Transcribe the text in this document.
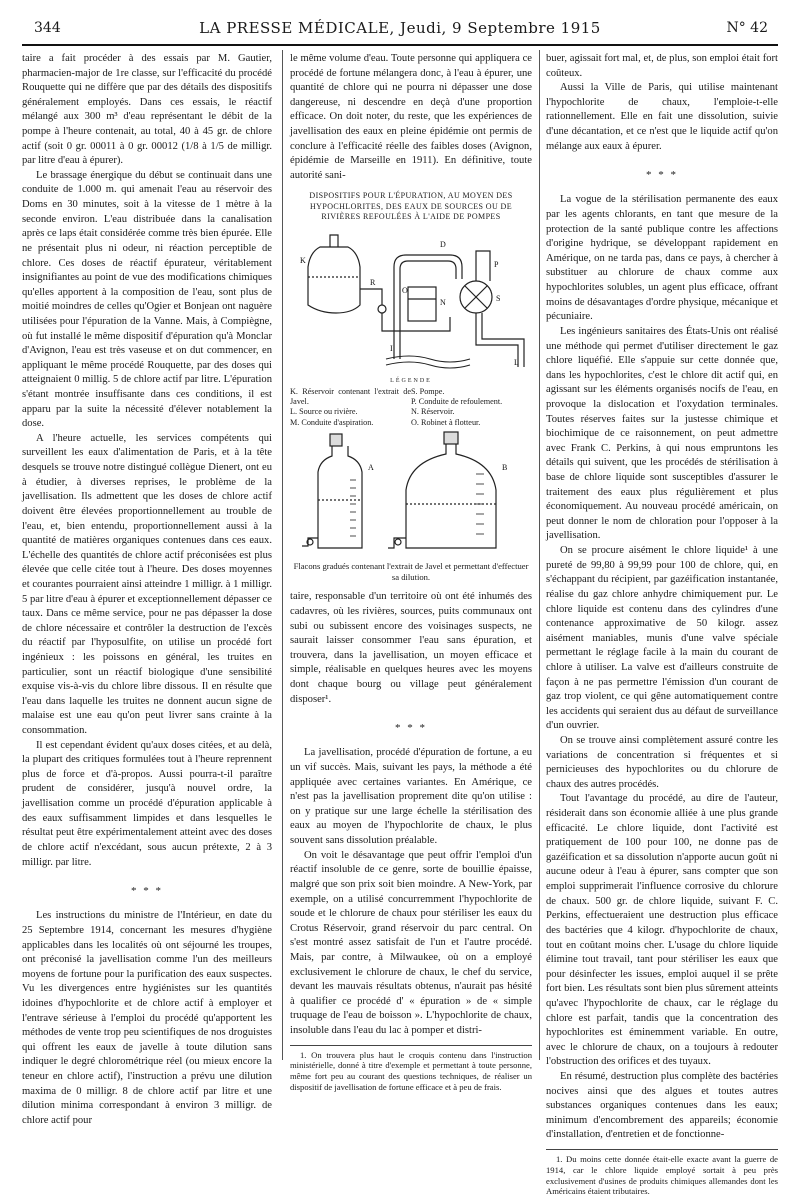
344	LA PRESSE MÉDICALE, Jeudi, 9 Septembre 1915	N° 42

taire a fait procéder à des essais par M. Gautier, pharmacien-major de 1re classe, sur l'efficacité du procédé Rouquette qui ne diffère que par des détails des dispositifs généralement employés. Dans ces essais, le réactif mélangé aux 300 m³ d'eau représentant le débit de la pompe à l'heure contenait, au total, 40 à 45 gr. de chlore actif (soit 0 gr. 00011 à 0 gr. 00012 (1/8 à 1/5 de milligr. par litre d'eau à épurer).

Le brassage énergique du début se continuait dans une conduite de 1.000 m. qui amenait l'eau au réservoir des Doms en 30 minutes, soit à la vitesse de 1 mètre à la seconde environ. L'eau distribuée dans la canalisation après ce laps était considérée comme très bien épurée. Elle ne présentait plus ni odeur, ni réaction perceptible de chlore. Ces doses de réactif épurateur, véritablement insignifiantes au point de vue des modifications chimiques qu'elles apportent à la composition de l'eau, sont plus de moitié moindres de celles qu'Ogier et Bonjean ont naguère utilisées pour l'épuration de la Vanne. Mais, à Compiègne, où fut installé le même dispositif d'épuration qu'à Monclar d'Avignon, l'eau est très vaseuse et on dut commencer, en appliquant le même procédé Rouquette, par des doses qui atteignaient 0 millig. 5 de chlore actif par litre. L'épuration s'étant montrée insuffisante dans ces conditions, il est apparu par la suite la nécessité d'élever notablement la dose.

A l'heure actuelle, les services compétents qui surveillent les eaux d'alimentation de Paris, et à la tête desquels se trouve notre distingué collègue Dienert, ont eu à étudier, à diverses reprises, le problème de la javellisation. Ils admettent que les doses de chlore actif doivent être élevées proportionnellement au trouble de l'eau, et, bien entendu, proportionnellement aussi à la quantité de matières organiques contenues dans ces eaux. L'échelle des quantités de chlore actif préconisées est plus élevée que celle citée tout à l'heure. Des doses moyennes et courantes pourraient ainsi atteindre 1 milligr. à 1 milligr. 5 par litre d'eau à épurer et exceptionnellement dépasser ce taux. Dans ce même service, pour ne pas dépasser la dose de chlore nécessaire et contrôler la destruction de l'excès du réactif par l'hyposulfite, on utilise un procédé fort ingénieux : les poissons en général, les truites en particulier, sont un réactif biologique d'une sensibilité exquise vis-à-vis du chlore libre dissous. Il en résulte que l'eau dans laquelle les truites ne donnent aucun signe de malaise est une eau qu'on peut livrer sans crainte à la consommation.

Il est cependant évident qu'aux doses citées, et au delà, la plupart des critiques formulées tout à l'heure reprennent plus de force et d'à-propos. Aussi pourra-t-il paraître prudent de considérer, jusqu'à nouvel ordre, la javellisation comme un procédé d'épuration applicable à des eaux suffisamment limpides et dans lesquelles le résultat peut être expérimentalement atteint avec des doses de chlore actif n'excédant, sous aucun prétexte, 2 à 3 milligr. par litre.

* * *

Les instructions du ministre de l'Intérieur, en date du 25 Septembre 1914, concernant les mesures d'hygiène applicables dans les localités où ont séjourné les troupes, ont préconisé la javellisation comme l'un des meilleurs moyens de fortune pour la purification des eaux suspectes. Vu les divergences entre hygiénistes sur les quantités idoines d'hypochlorite et de chlore actif à employer et l'entrave sérieuse à l'emploi du procédé qu'apportent les méthodes de vente trop peu scientifiques de nos droguistes qui offrent les eaux de javelle à toute dilution sans indiquer le degré chlorométrique réel (ou mieux encore la teneur en chlore actif), l'instruction a prévu une dilution maxima de 0 milligr. 8 de chlore actif par litre et une dilution minima correspondant à environ 3 milligr. de chlore actif pour

le même volume d'eau. Toute personne qui appliquera ce procédé de fortune mélangera donc, à l'eau à épurer, une quantité de chlore qui ne pourra ni dépasser une dose dangereuse, ni descendre en deçà d'une proportion efficace. On doit noter, du reste, que les expériences de javellisation des eaux en pleine épidémie ont permis de conclure à l'efficacité réelle des faibles doses (Avignon, épidémie de Marseille en 1911). En définitive, toute autorité sani-

DISPOSITIFS POUR L'ÉPURATION, AU MOYEN DES HYPOCHLORITES, DES EAUX DE SOURCES OU DE RIVIÈRES REFOULÉES À L'AIDE DE POMPES
K
R
O
D
P
S
N
I
L
LÉGENDE
K. Réservoir contenant l'extrait de Javel.
L. Source ou rivière.
M. Conduite d'aspiration.
S. Pompe.
P. Conduite de refoulement.
N. Réservoir.
O. Robinet à flotteur.
A	B
Flacons gradués contenant l'extrait de Javel et permettant d'effectuer sa dilution.

taire, responsable d'un territoire où ont été inhumés des cadavres, où les rivières, sources, puits communaux ont subi ou subissent encore des voisinages suspects, ne saurait laisser consommer l'eau sans épuration, et trouvera, dans la javellisation, un moyen efficace et simple, réalisable en quelques heures avec les moyens dont chaque bourg ou village peut généralement disposer¹.

* * *

La javellisation, procédé d'épuration de fortune, a eu un vif succès. Mais, suivant les pays, la méthode a été appliquée avec certaines variantes. En Amérique, ce n'est pas la javellisation proprement dite qu'on utilise : on y pratique sur une large échelle la stérilisation des eaux au moyen de l'hypochlorite de chaux, le plus souvent sans dissolution préalable.

On voit le désavantage que peut offrir l'emploi d'un réactif insoluble de ce genre, sorte de bouillie épaisse, malgré que son prix soit bien moindre. A New-York, par exemple, on a utilisé concurremment l'hypochlorite de soude et le chlorure de chaux pour stériliser les eaux du Crotus Réservoir, grand réservoir du parc central. On s'est montré assez satisfait de l'un et l'autre procédé. Mais, par contre, à Milwaukee, où on a employé exclusivement le chlorure de chaux, le chef du service, devant les mauvais résultats obtenus, n'aurait pas hésité à qualifier ce procédé d' « épuration » de « simple truquage de l'eau de boisson ». L'hypochlorite de chaux, insoluble dans l'eau du lac à pomper et distri-

1. On trouvera plus haut le croquis contenu dans l'instruction ministérielle, donné à titre d'exemple et permettant à toute personne, même fort peu au courant des questions techniques, de réaliser un dispositif de javellisation de fortune efficace et à peu de frais.

buer, agissait fort mal, et, de plus, son emploi était fort coûteux.

Aussi la Ville de Paris, qui utilise maintenant l'hypochlorite de chaux, l'emploie-t-elle rationnellement. Elle en fait une dissolution, suivie d'une décantation, et ce n'est que le liquide actif qu'on mélange aux eaux à épurer.

* * *

La vogue de la stérilisation permanente des eaux par les agents chlorants, en tant que mesure de la protection de la santé publique contre les affections d'origine hydrique, se développant rapidement en Amérique, on ne tarda pas, dans ce pays, à chercher à substituer au chlorure de chaux comme aux hypochlorites solubles, un agent plus efficace, offrant moins de désavantages d'ordre physique, mécanique et pécuniaire.

Les ingénieurs sanitaires des États-Unis ont réalisé une méthode qui permet d'utiliser directement le gaz chlore liquéfié. Elle s'appuie sur cette donnée que, dans les hypochlorites, c'est le chlore dit actif qui, en agissant sur les éléments organisés nocifs de l'eau, en provoque la dislocation et l'oxydation terminales. Toutes réserves faites sur la justesse chimique et biochimique de ce raisonnement, on peut admettre avec Frank C. Perkins, à qui nous empruntons les détails qui suivent, que les procédés de stérilisation à base de chlore liquide sont susceptibles d'assurer le traitement des eaux plus régulièrement et plus économiquement. Au nouveau procédé américain, on peut donner le nom de chloration pour l'opposer à la javellisation.

On se procure aisément le chlore liquide¹ à une pureté de 99,80 à 99,99 pour 100 de chlore, qui, en s'échappant du récipient, par gazéification instantanée, réalise du gaz chlore anhydre chimiquement pur. Le chlore liquide est contenu dans des cylindres d'une contenance approximative de 50 kilogr. assez aisément maniables, munis d'une valve spéciale permettant le réglage facile à la main du courant de chlore à utiliser. La valve est d'ailleurs construite de façon à ne pas permettre l'émission d'un courant de gaz trop violent, ce qui gêne automatiquement contre les accidents qui seraient dus au défaut de surveillance d'un ouvrier.

On se trouve ainsi complètement assuré contre les variations de concentration si fréquentes et si pernicieuses des hypochlorites ou du chlorure de chaux des autres procédés.

Tout l'avantage du procédé, au dire de l'auteur, résiderait dans son économie alliée à une plus grande efficacité. Le chlore liquide, dont l'activité est pratiquement de 100 pour 100, ne donne pas de gazéification et sa dissolution n'apporte aucun goût ni aucune odeur à l'eau à épurer, sans compter que son emploi supprimerait l'influence corrosive du chlorure de chaux. 500 gr. de chlore liquide, suivant F. C. Perkins, effectueraient une destruction plus efficace des bactéries que 4 kilogr. d'hypochlorite de chaux, tout en coûtant moins cher. L'usage du chlore liquide élimine tout travail, tant pour stériliser les eaux que pour désinfecter les issues, emploi auquel il se prête fort bien. Les résultats sont bien plus sûrement atteints qu'avec l'hypochlorite de chaux, car le réglage du chlore est parfait, tandis que la concentration des hypochlorites est éminemment variable. En outre, avec le chlorure de chaux, on a toujours à redouter l'obstruction des orifices et des tuyaux.

En résumé, destruction plus complète des bactéries nocives ainsi que des algues et toutes autres substances organiques contenues dans les eaux; minimum d'encombrement des appareils; économie d'installation, d'entretien et de fonctionne-

1. Du moins cette donnée était-elle exacte avant la guerre de 1914, car le chlore liquide employé sortait à peu près exclusivement d'usines de produits chimiques allemandes dont les Américains étaient tributaires.
